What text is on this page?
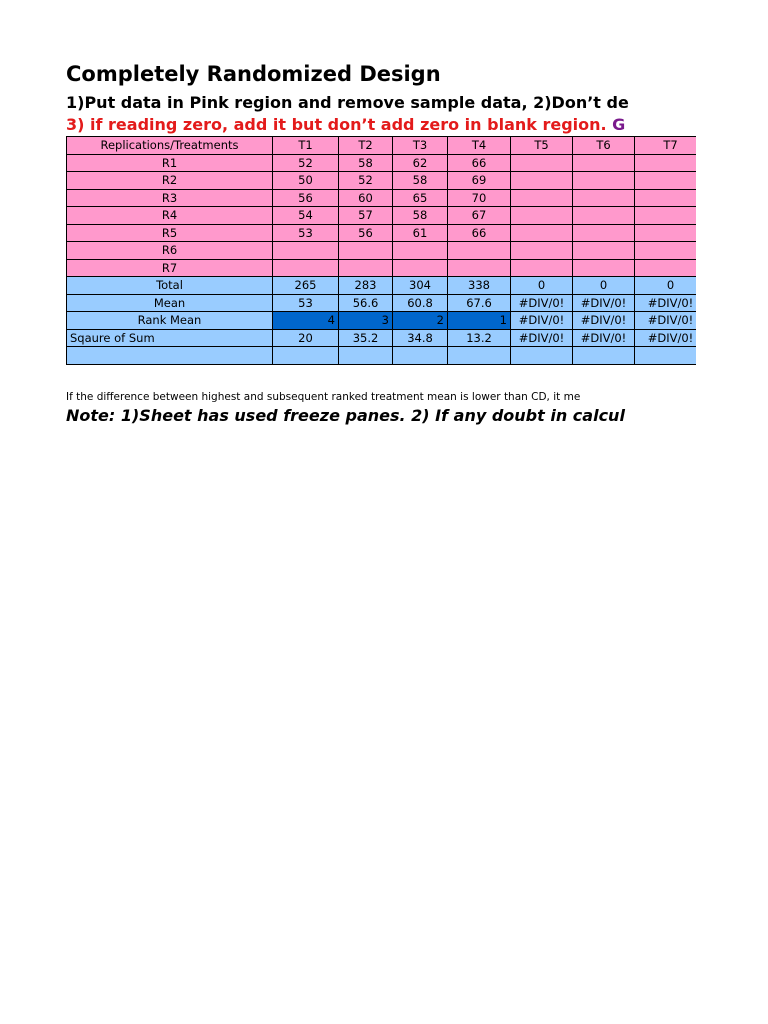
Completely Randomized Design
1)Put data in Pink region and remove sample data, 2)Don’t de
3) if reading zero, add it but don’t add zero in blank region. G
Replications/Treatments	T1	T2	T3	T4	T5	T6	T7
R1	52	58	62	66			
R2	50	52	58	69			
R3	56	60	65	70			
R4	54	57	58	67			
R5	53	56	61	66			
R6							
R7							
Total	265	283	304	338	0	0	0
Mean	53	56.6	60.8	67.6	#DIV/0!	#DIV/0!	#DIV/0!
Rank Mean	4	3	2	1	#DIV/0!	#DIV/0!	#DIV/0!
Sqaure of Sum	20	35.2	34.8	13.2	#DIV/0!	#DIV/0!	#DIV/0!

If the difference between highest and subsequent ranked treatment mean is lower than CD, it me
Note: 1)Sheet has used freeze panes. 2) If any doubt in calcul
